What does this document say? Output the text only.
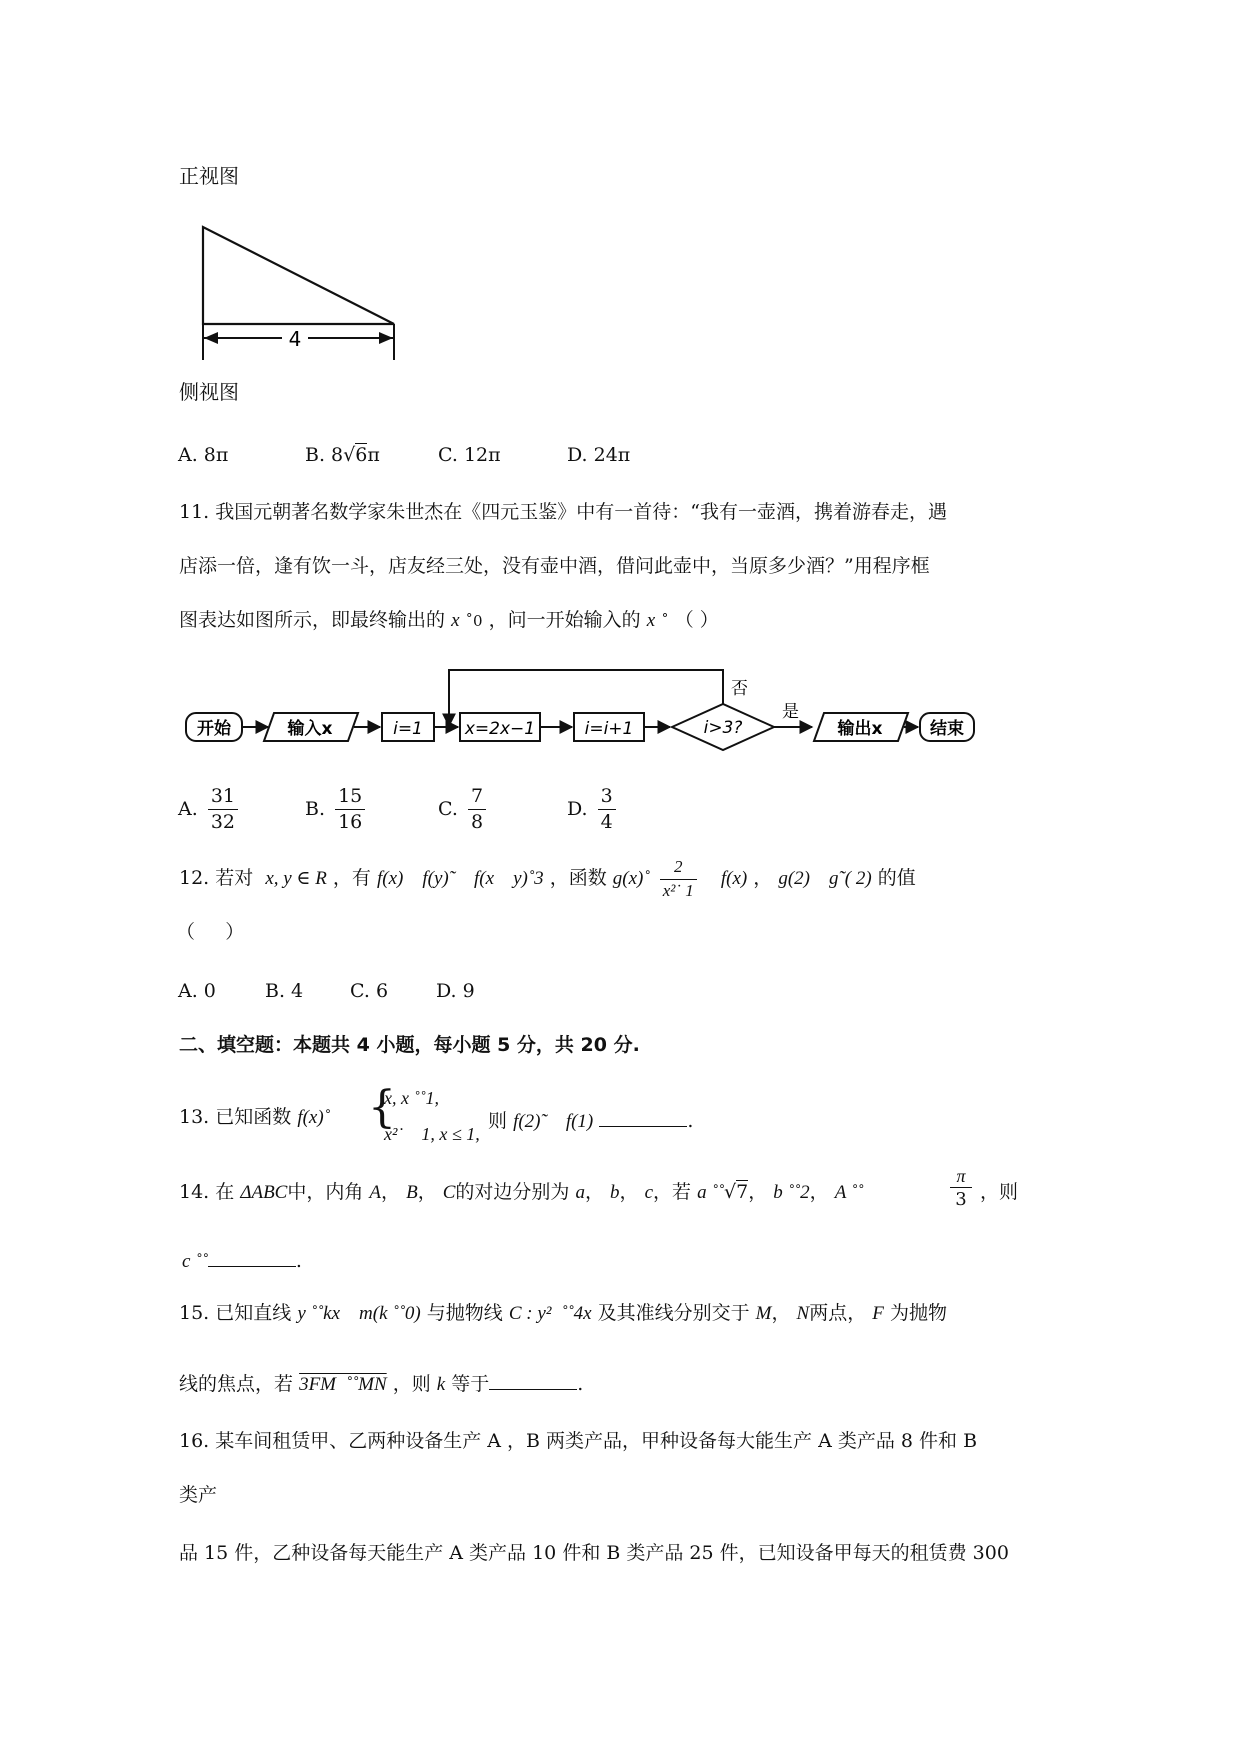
正视图
4
侧视图
A. 8π	B. 8√6π	C. 12π	D. 24π
11. 我国元朝著名数学家朱世杰在《四元玉鉴》中有一首待：“我有一壶酒，携着游春走，遇
店添一倍，逢有饮一斗，店友经三处，没有壶中酒，借问此壶中，当原多少酒？”用程序框
图表达如图所示，即最终输出的 x ˚0 ，问一开始输入的 x ˚ （ ）
开始	输入x	i=1 x=2x−1	i=i+1	i>3?
否
是
输出x	结束
A. $\frac{31}{32}$	B. $\frac{15}{16}$	C. $\frac{7}{8}$	D. $\frac{3}{4}$
12. 若对 x, y ∈ R ，有 f(x)    f(y)˜    f(x    y)˚3 ，函数 g(x)˚ $\frac{2}{\text{x²˙ 1}} f(x)$ ， g(2)    g˜( 2) 的值
（     ）
A. 0	B. 4 C. 6	D. 9
二、填空题：本题共 4 小题，每小题 5 分，共 20 分.
13. 已知函数 f(x)˚ {
x, x ˚˚1,
x²˙    1, x ≤ 1,
则 f(2)˜    f(1)	.
14. 在 ΔABC中，内角 A， B， C的对边分别为 a， b， c，若 a ˚˚√7， b ˚˚2， A ˚˚
π
3 ，则
c ˚˚	.
15. 已知直线 y ˚˚kx    m(k ˚˚0) 与抛物线 C : y²  ˚˚4x 及其准线分别交于 M， N两点， F 为抛物
线的焦点，若 3FM  ˚˚MN ，则 k 等于	.
16. 某车间租赁甲、乙两种设备生产 A ，B 两类产品，甲种设备每大能生产 A 类产品 8 件和 B
类产
品 15 件，乙种设备每天能生产 A 类产品 10 件和 B 类产品 25 件，已知设备甲每天的租赁费 300
